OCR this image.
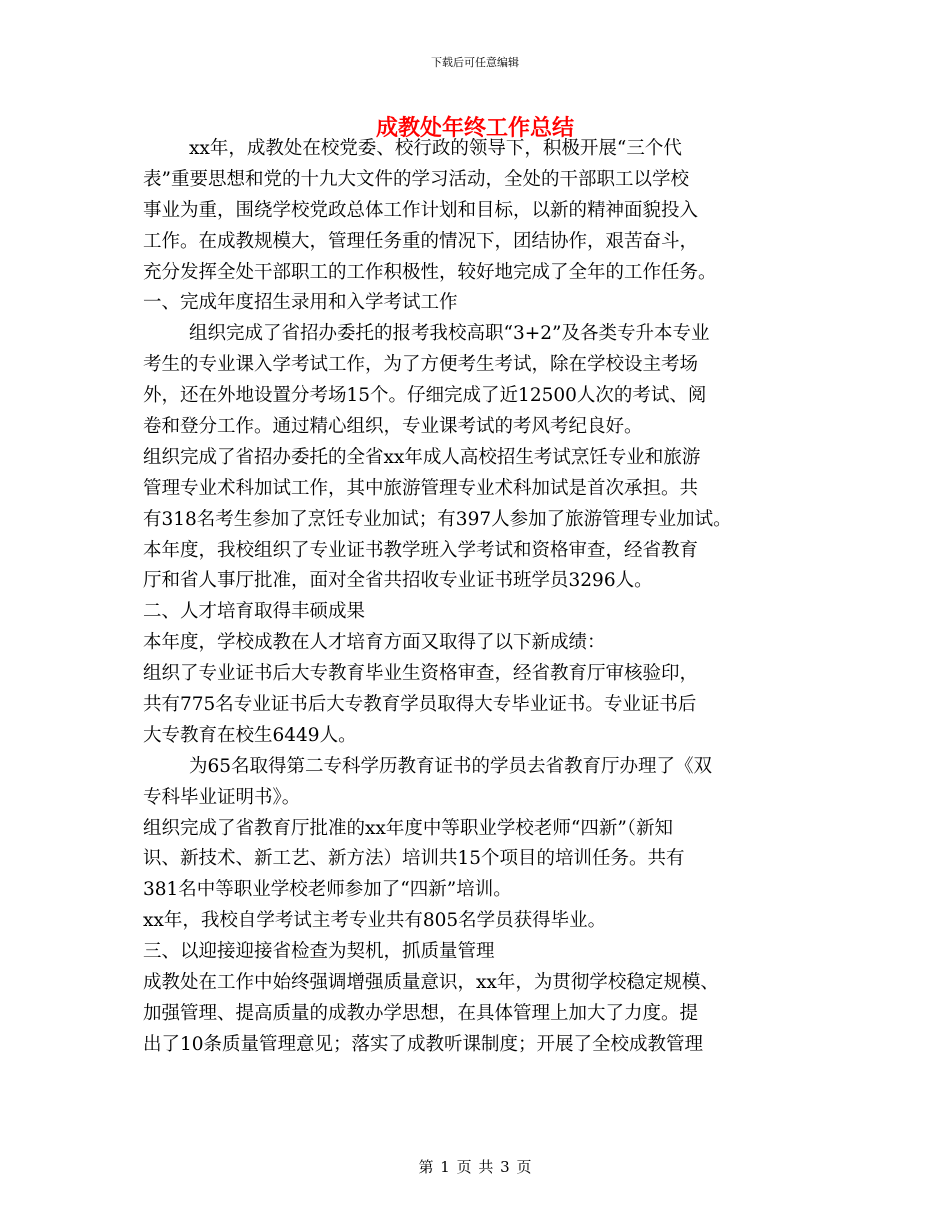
下载后可任意编辑
成教处年终工作总结
xx年，成教处在校党委、校行政的领导下，积极开展“三个代
表”重要思想和党的十九大文件的学习活动，全处的干部职工以学校
事业为重，围绕学校党政总体工作计划和目标，以新的精神面貌投入
工作。在成教规模大，管理任务重的情况下，团结协作，艰苦奋斗，
充分发挥全处干部职工的工作积极性，较好地完成了全年的工作任务。
一、完成年度招生录用和入学考试工作
组织完成了省招办委托的报考我校高职“3+2”及各类专升本专业
考生的专业课入学考试工作，为了方便考生考试，除在学校设主考场
外，还在外地设置分考场15个。仔细完成了近12500人次的考试、阅
卷和登分工作。通过精心组织，专业课考试的考风考纪良好。
组织完成了省招办委托的全省xx年成人高校招生考试烹饪专业和旅游
管理专业术科加试工作，其中旅游管理专业术科加试是首次承担。共
有318名考生参加了烹饪专业加试；有397人参加了旅游管理专业加试。
本年度，我校组织了专业证书教学班入学考试和资格审查，经省教育
厅和省人事厅批准，面对全省共招收专业证书班学员3296人。
二、人才培育取得丰硕成果
本年度，学校成教在人才培育方面又取得了以下新成绩：
组织了专业证书后大专教育毕业生资格审查，经省教育厅审核验印，
共有775名专业证书后大专教育学员取得大专毕业证书。专业证书后
大专教育在校生6449人。
为65名取得第二专科学历教育证书的学员去省教育厅办理了《双
专科毕业证明书》。
组织完成了省教育厅批准的xx年度中等职业学校老师“四新”（新知
识、新技术、新工艺、新方法）培训共15个项目的培训任务。共有
381名中等职业学校老师参加了“四新”培训。
xx年，我校自学考试主考专业共有805名学员获得毕业。
三、以迎接迎接省检查为契机，抓质量管理
成教处在工作中始终强调增强质量意识，xx年，为贯彻学校稳定规模、
加强管理、提高质量的成教办学思想，在具体管理上加大了力度。提
出了10条质量管理意见；落实了成教听课制度；开展了全校成教管理
第 1 页 共 3 页
